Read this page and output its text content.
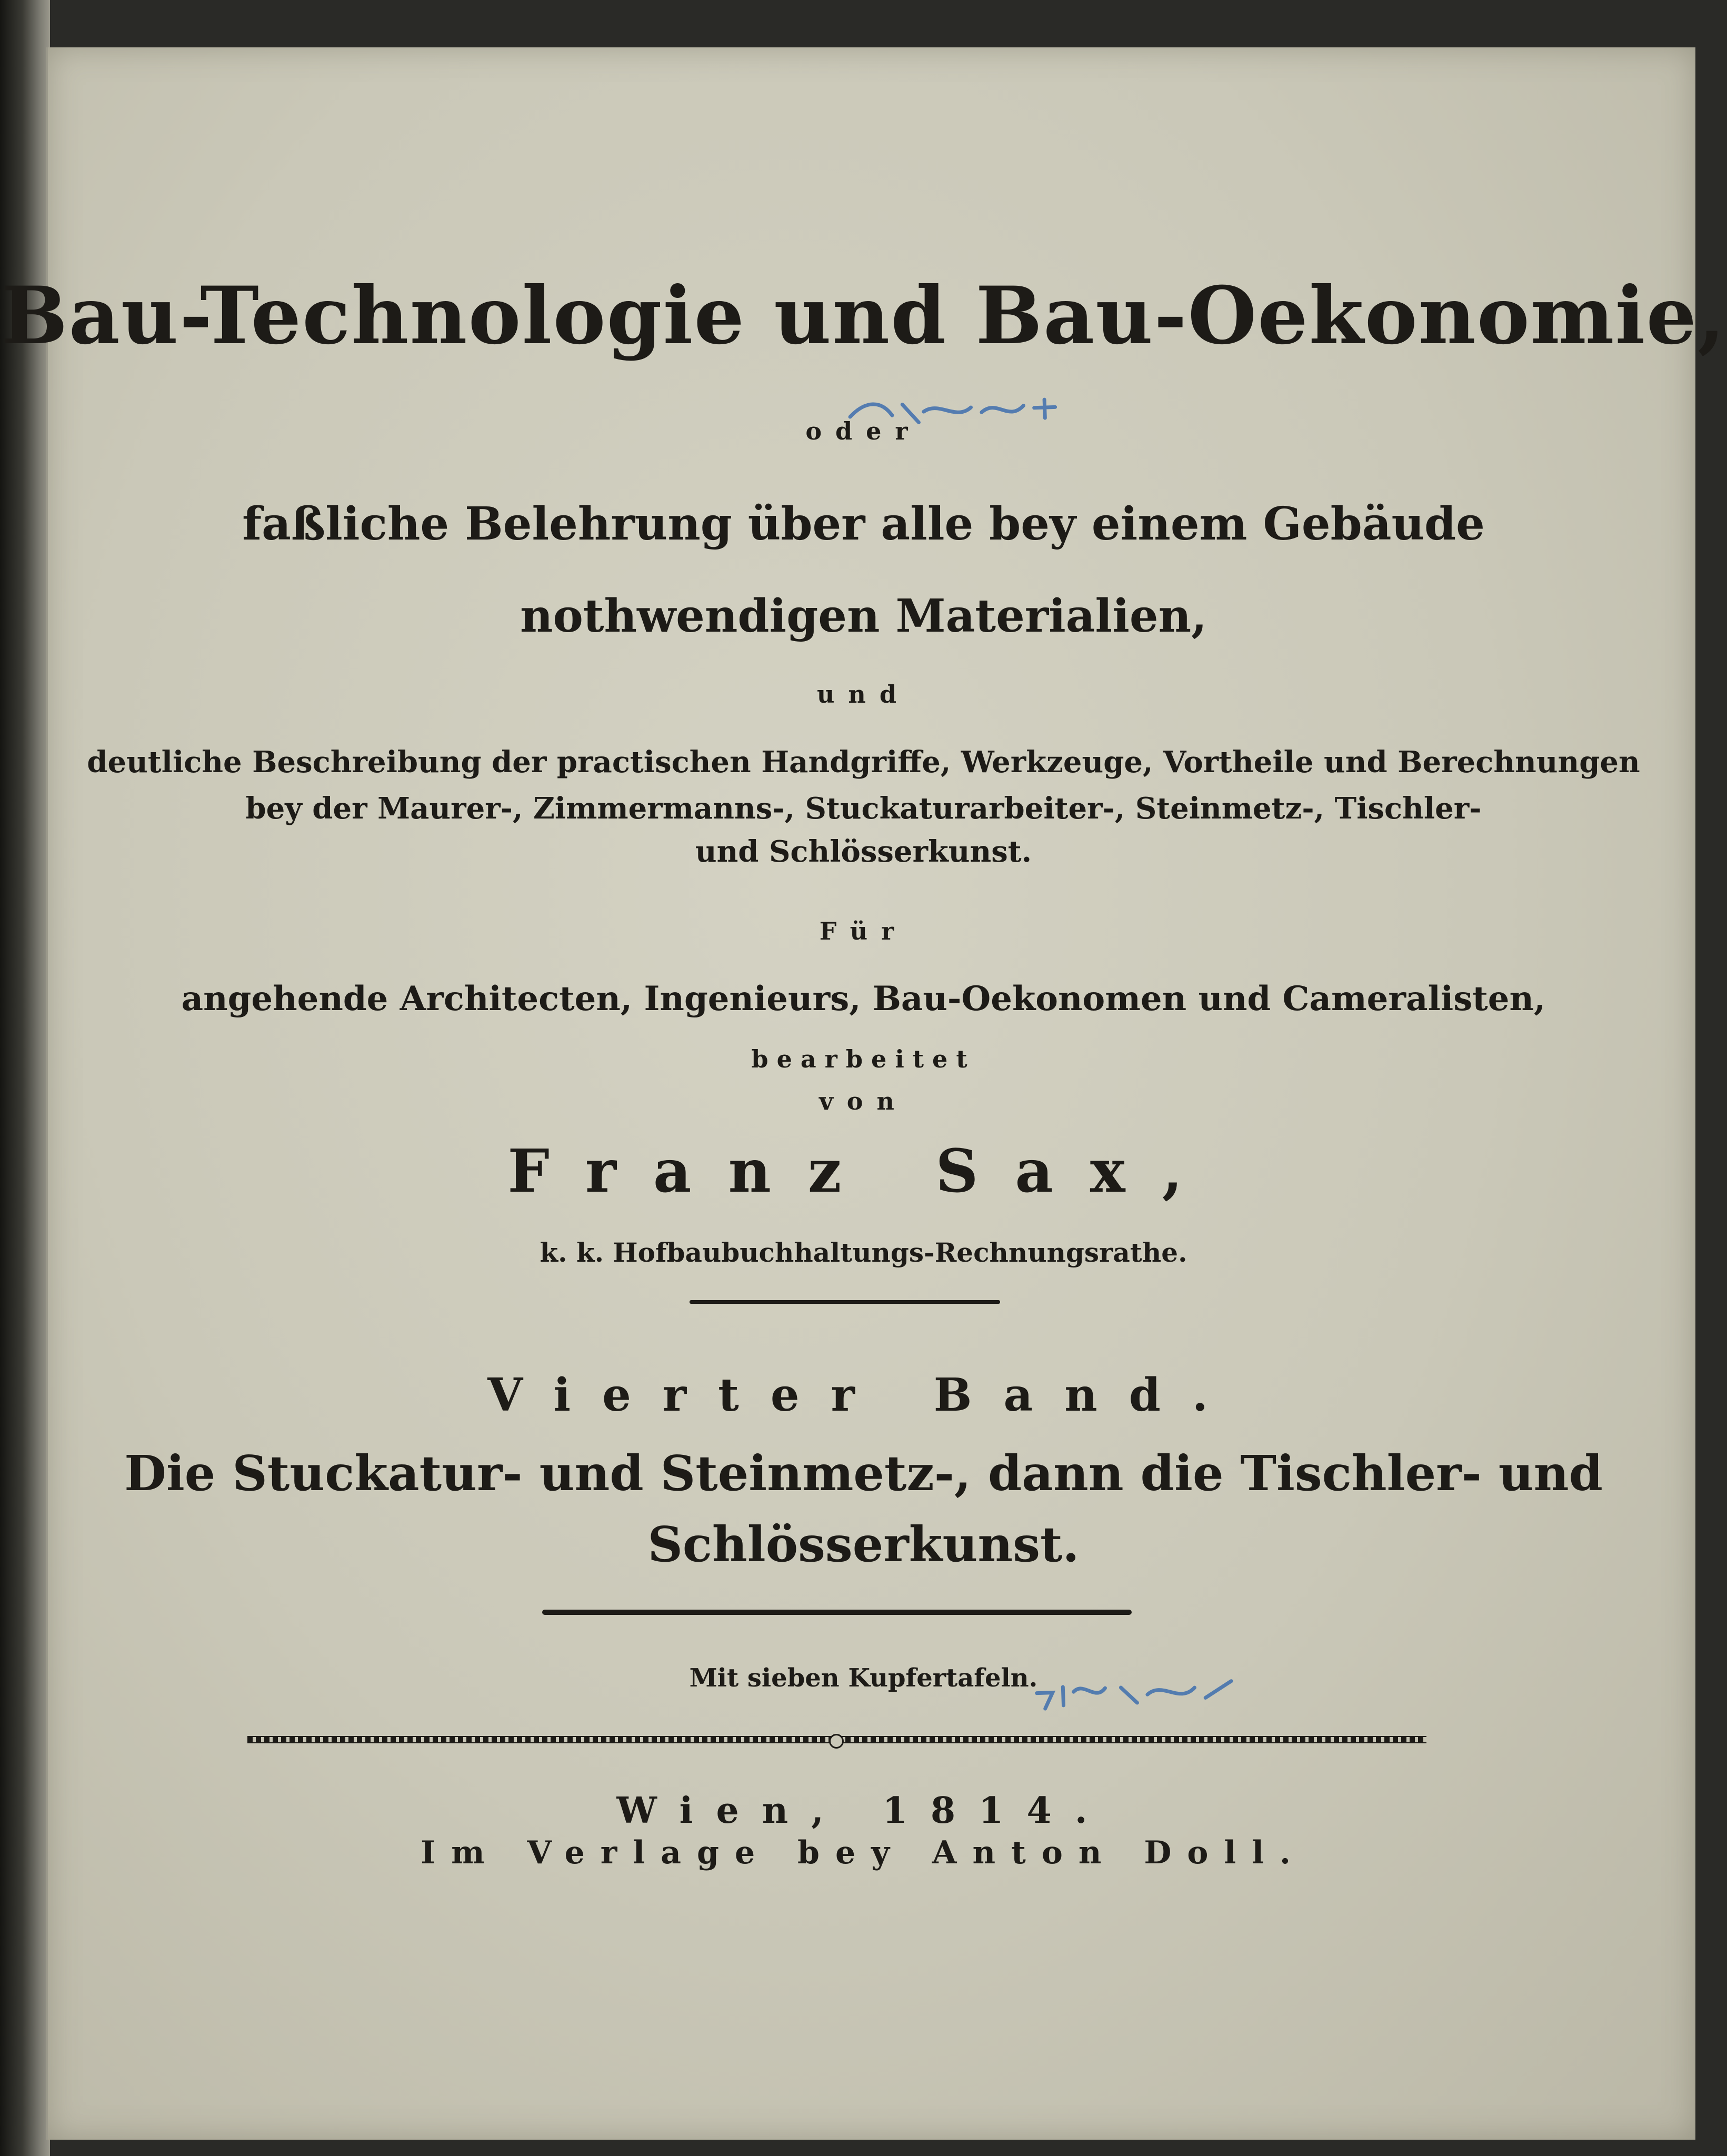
Bau-Technologie und Bau-Oekonomie,
oder
faßliche Belehrung über alle bey einem Gebäude
nothwendigen Materialien,
und
deutliche Beschreibung der practischen Handgriffe, Werkzeuge, Vortheile und Berechnungen
bey der Maurer-, Zimmermanns-, Stuckaturarbeiter-, Steinmetz-, Tischler-
und Schlösserkunst.
Für
angehende Architecten, Ingenieurs, Bau-Oekonomen und Cameralisten,
bearbeitet
von
Franz Sax,
k. k. Hofbaubuchhaltungs-Rechnungsrathe.
Vierter Band.
Die Stuckatur- und Steinmetz-, dann die Tischler- und
Schlösserkunst.
Mit sieben Kupfertafeln.
Wien, 1814.
Im Verlage bey Anton Doll.
